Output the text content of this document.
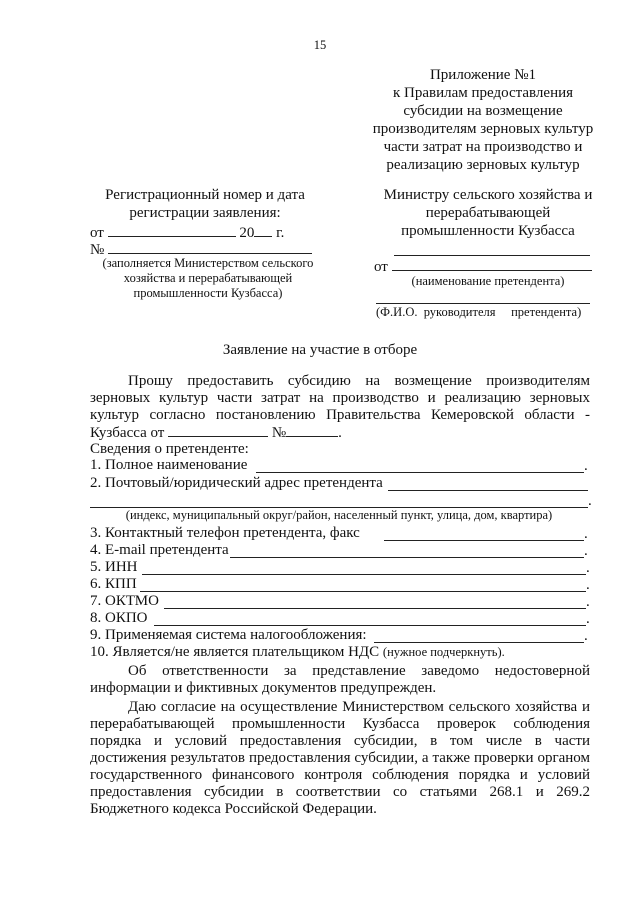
15
Приложение №1
к Правилам предоставления
субсидии на возмещение
производителям зерновых культур
части затрат на производство и
реализацию зерновых культур
Регистрационный номер и дата
регистрации заявления:
от	20 г.
№
(заполняется Министерством сельского
хозяйства и перерабатывающей
промышленности Кузбасса)
Министру сельского хозяйства и
перерабатывающей
промышленности Кузбасса
от
(наименование претендента)
(Ф.И.О.  руководителя     претендента)
Заявление на участие в отборе
Прошу предоставить субсидию на возмещение производителям
зерновых культур части затрат на производство и реализацию зерновых
культур согласно постановлению Правительства Кемеровской области -
Кузбасса от	№	.
Сведения о претенденте:
1. Полное наименование	.
2. Почтовый/юридический адрес претендента
.
(индекс, муниципальный округ/район, населенный пункт, улица, дом, квартира)
3. Контактный телефон претендента, факс	.
4. E-mail претендента	.
5. ИНН	.
6. КПП	.
7. ОКТМО	.
8. ОКПО	.
9. Применяемая система налогообложения:	.
10. Является/не является плательщиком НДС (нужное подчеркнуть).
Об ответственности за представление заведомо недостоверной
информации и фиктивных документов предупрежден.
Даю согласие на осуществление Министерством сельского хозяйства и
перерабатывающей промышленности Кузбасса проверок соблюдения
порядка и условий предоставления субсидии, в том числе в части
достижения результатов предоставления субсидии, а также проверки органом
государственного финансового контроля соблюдения порядка и условий
предоставления субсидии в соответствии со статьями 268.1 и 269.2
Бюджетного кодекса Российской Федерации.
